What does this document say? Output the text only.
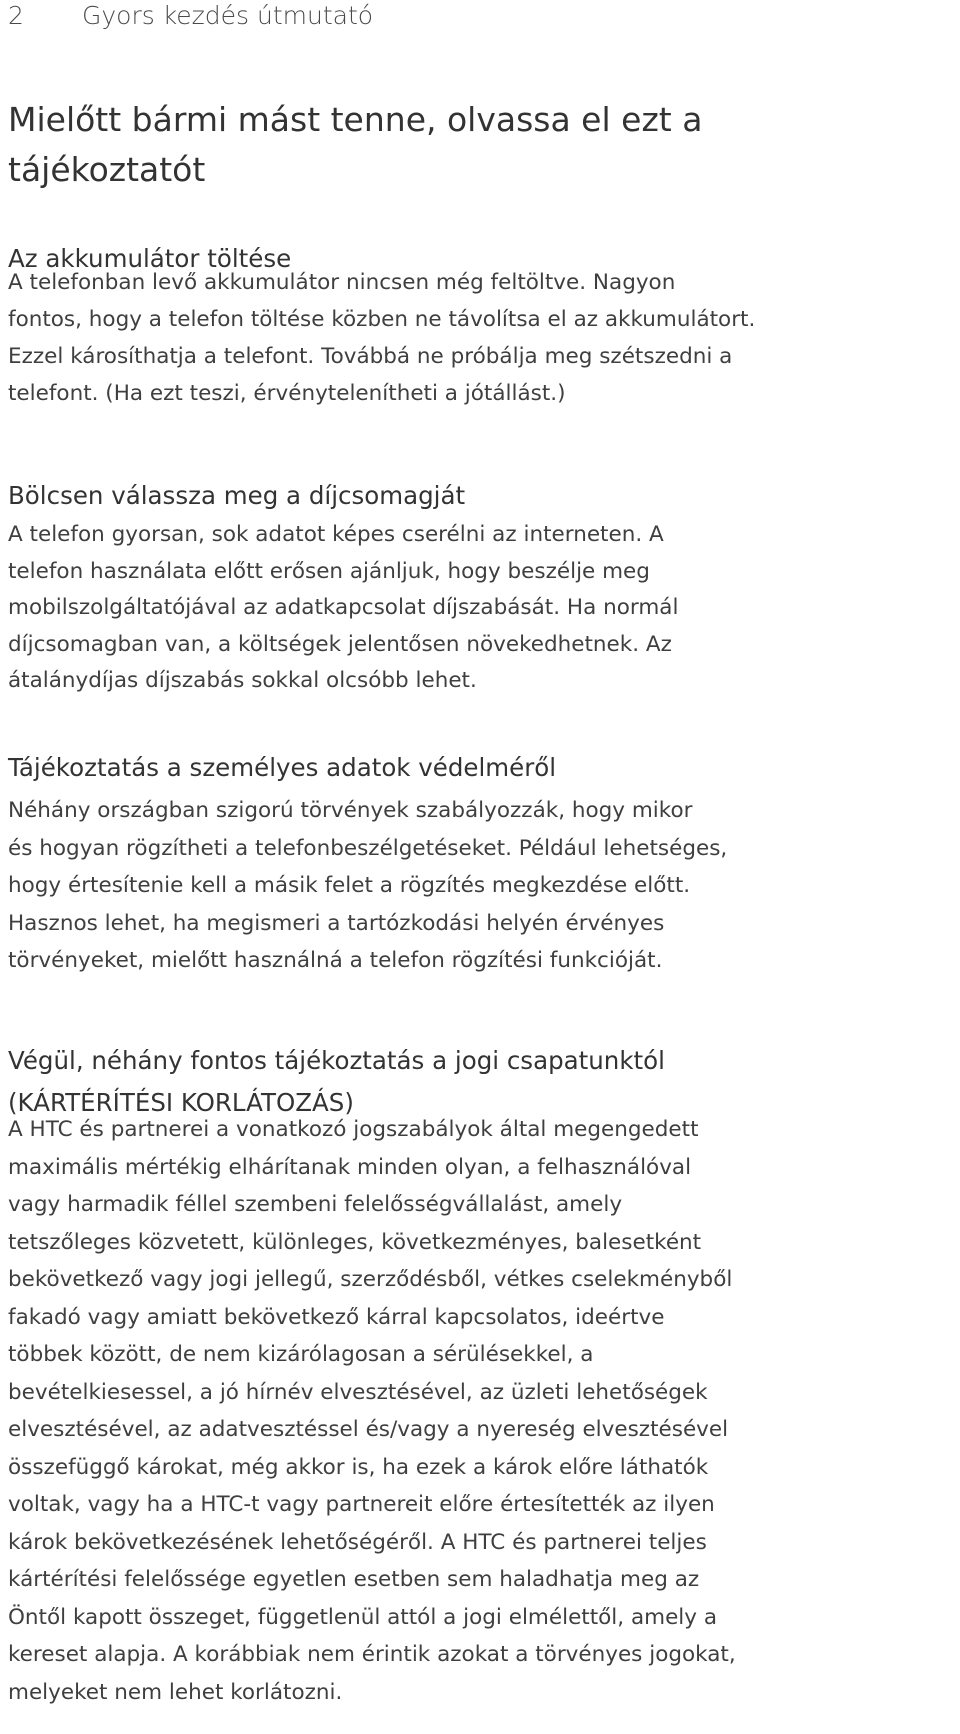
2 Gyors kezdés útmutató
Mielőtt bármi mást tenne, olvassa el ezt a
tájékoztatót
Az akkumulátor töltése
A telefonban levő akkumulátor nincsen még feltöltve. Nagyon
fontos, hogy a telefon töltése közben ne távolítsa el az akkumulátort.
Ezzel károsíthatja a telefont. Továbbá ne próbálja meg szétszedni a
telefont. (Ha ezt teszi, érvényteleníthetі a jótállást.)
Bölcsen válassza meg a díjcsomagját
A telefon gyorsan, sok adatot képes cserélni az interneten. A
telefon használata előtt erősen ajánljuk, hogy beszélje meg
mobilszolgáltatójával az adatkapcsolat díjszabását. Ha normál
díjcsomagban van, a költségek jelentősen növekedhetnek. Az
átalánydíjas díjszabás sokkal olcsóbb lehet.
Tájékoztatás a személyes adatok védelméről
Néhány országban szigorú törvények szabályozzák, hogy mikor
és hogyan rögzítheti a telefonbeszélgetéseket. Például lehetséges,
hogy értesítenie kell a másik felet a rögzítés megkezdése előtt.
Hasznos lehet, ha megismeri a tartózkodási helyén érvényes
törvényeket, mielőtt használná a telefon rögzítési funkcióját.
Végül, néhány fontos tájékoztatás a jogi csapatunktól
(KÁRTÉRÍTÉSI KORLÁTOZÁS)
A HTC és partnerei a vonatkozó jogszabályok által megengedett
maximális mértékig elhárítanak minden olyan, a felhasználóval
vagy harmadik féllel szembeni felelősségvállalást, amely
tetszőleges közvetett, különleges, következményes, balesetként
bekövetkező vagy jogi jellegű, szerződésből, vétkes cselekményből
fakadó vagy amiatt bekövetkező kárral kapcsolatos, ideértve
többek között, de nem kizárólagosan a sérülésekkel, a
bevételkiesessel, a jó hírnév elvesztésével, az üzleti lehetőségek
elvesztésével, az adatvesztéssel és/vagy a nyereség elvesztésével
összefüggő károkat, még akkor is, ha ezek a károk előre láthatók
voltak, vagy ha a HTC-t vagy partnereit előre értesítették az ilyen
károk bekövetkezésének lehetőségéről. A HTC és partnerei teljes
kártérítési felelőssége egyetlen esetben sem haladhatja meg az
Öntől kapott összeget, függetlenül attól a jogi elmélettől, amely a
kereset alapja. A korábbiak nem érintik azokat a törvényes jogokat,
melyeket nem lehet korlátozni.
